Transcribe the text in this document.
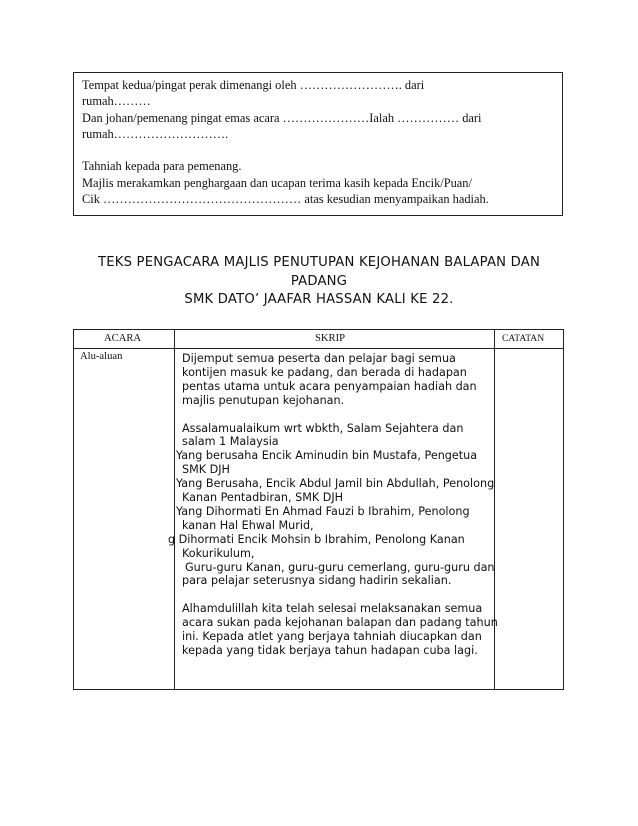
Tempat kedua/pingat perak dimenangi oleh ……………………. dari

rumah………

Dan johan/pemenang pingat emas acara …………………Ialah …………… dari

rumah……………………….

Tahniah kepada para pemenang.

Majlis merakamkan penghargaan dan ucapan terima kasih kepada Encik/Puan/

Cik ………………………………………… atas kesudian menyampaikan hadiah.

TEKS PENGACARA MAJLIS PENUTUPAN KEJOHANAN BALAPAN DAN
PADANG
SMK DATO’ JAAFAR HASSAN KALI KE 22.
ACARA	SKRIP	CATATAN
Alu-aluan	Dijemput semua peserta dan pelajar bagi semua

kontijen masuk ke padang, dan berada di hadapan

pentas utama untuk acara penyampaian hadiah dan

majlis penutupan kejohanan.

Assalamualaikum wrt wbkth, Salam Sejahtera dan

salam 1 Malaysia

Yang berusaha Encik Aminudin bin Mustafa, Pengetua

SMK DJH

Yang Berusaha, Encik Abdul Jamil bin Abdullah, Penolong

Kanan Pentadbiran, SMK DJH

Yang Dihormati En Ahmad Fauzi b Ibrahim, Penolong

kanan Hal Ehwal Murid,

g Dihormati Encik Mohsin b Ibrahim, Penolong Kanan

Kokurikulum,

Guru-guru Kanan, guru-guru cemerlang, guru-guru dan

para pelajar seterusnya sidang hadirin sekalian.

Alhamdulillah kita telah selesai melaksanakan semua

acara sukan pada kejohanan balapan dan padang tahun

ini. Kepada atlet yang berjaya tahniah diucapkan dan

kepada yang tidak berjaya tahun hadapan cuba lagi.
